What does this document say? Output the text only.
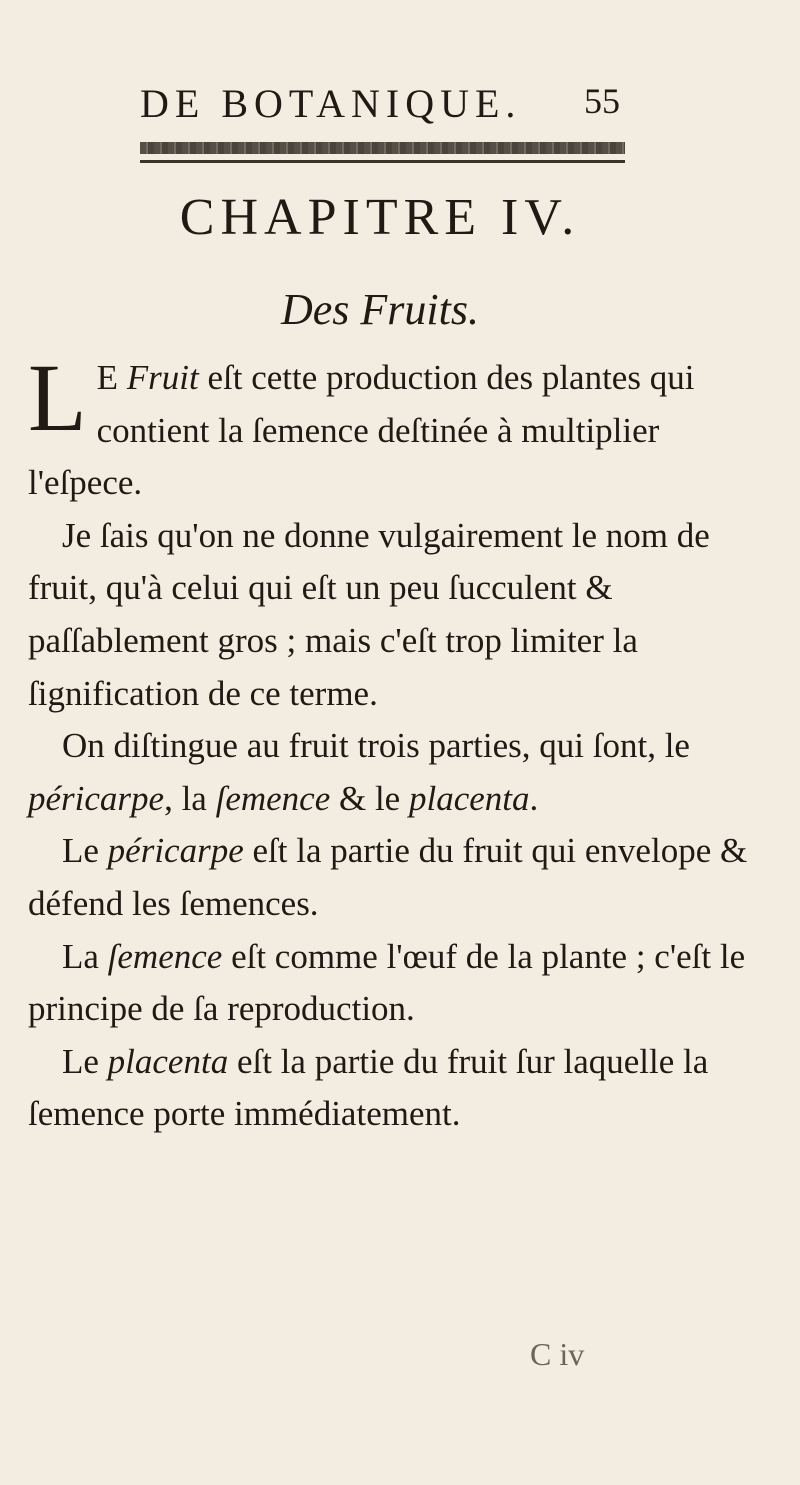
DE BOTANIQUE. 55
CHAPITRE IV.
Des Fruits.

L E Fruit eſt cette production des plantes qui contient la ſemence deſtinée à multiplier l'eſpece.

Je ſais qu'on ne donne vulgairement le nom de fruit, qu'à celui qui eſt un peu ſucculent & paſſablement gros ; mais c'eſt trop limiter la ſignification de ce terme.

On diſtingue au fruit trois parties, qui ſont, le péricarpe, la ſemence & le placenta.

Le péricarpe eſt la partie du fruit qui envelope & défend les ſemences.

La ſemence eſt comme l'œuf de la plante ; c'eſt le principe de ſa reproduction.

Le placenta eſt la partie du fruit ſur laquelle la ſemence porte immédiatement.

C iv
